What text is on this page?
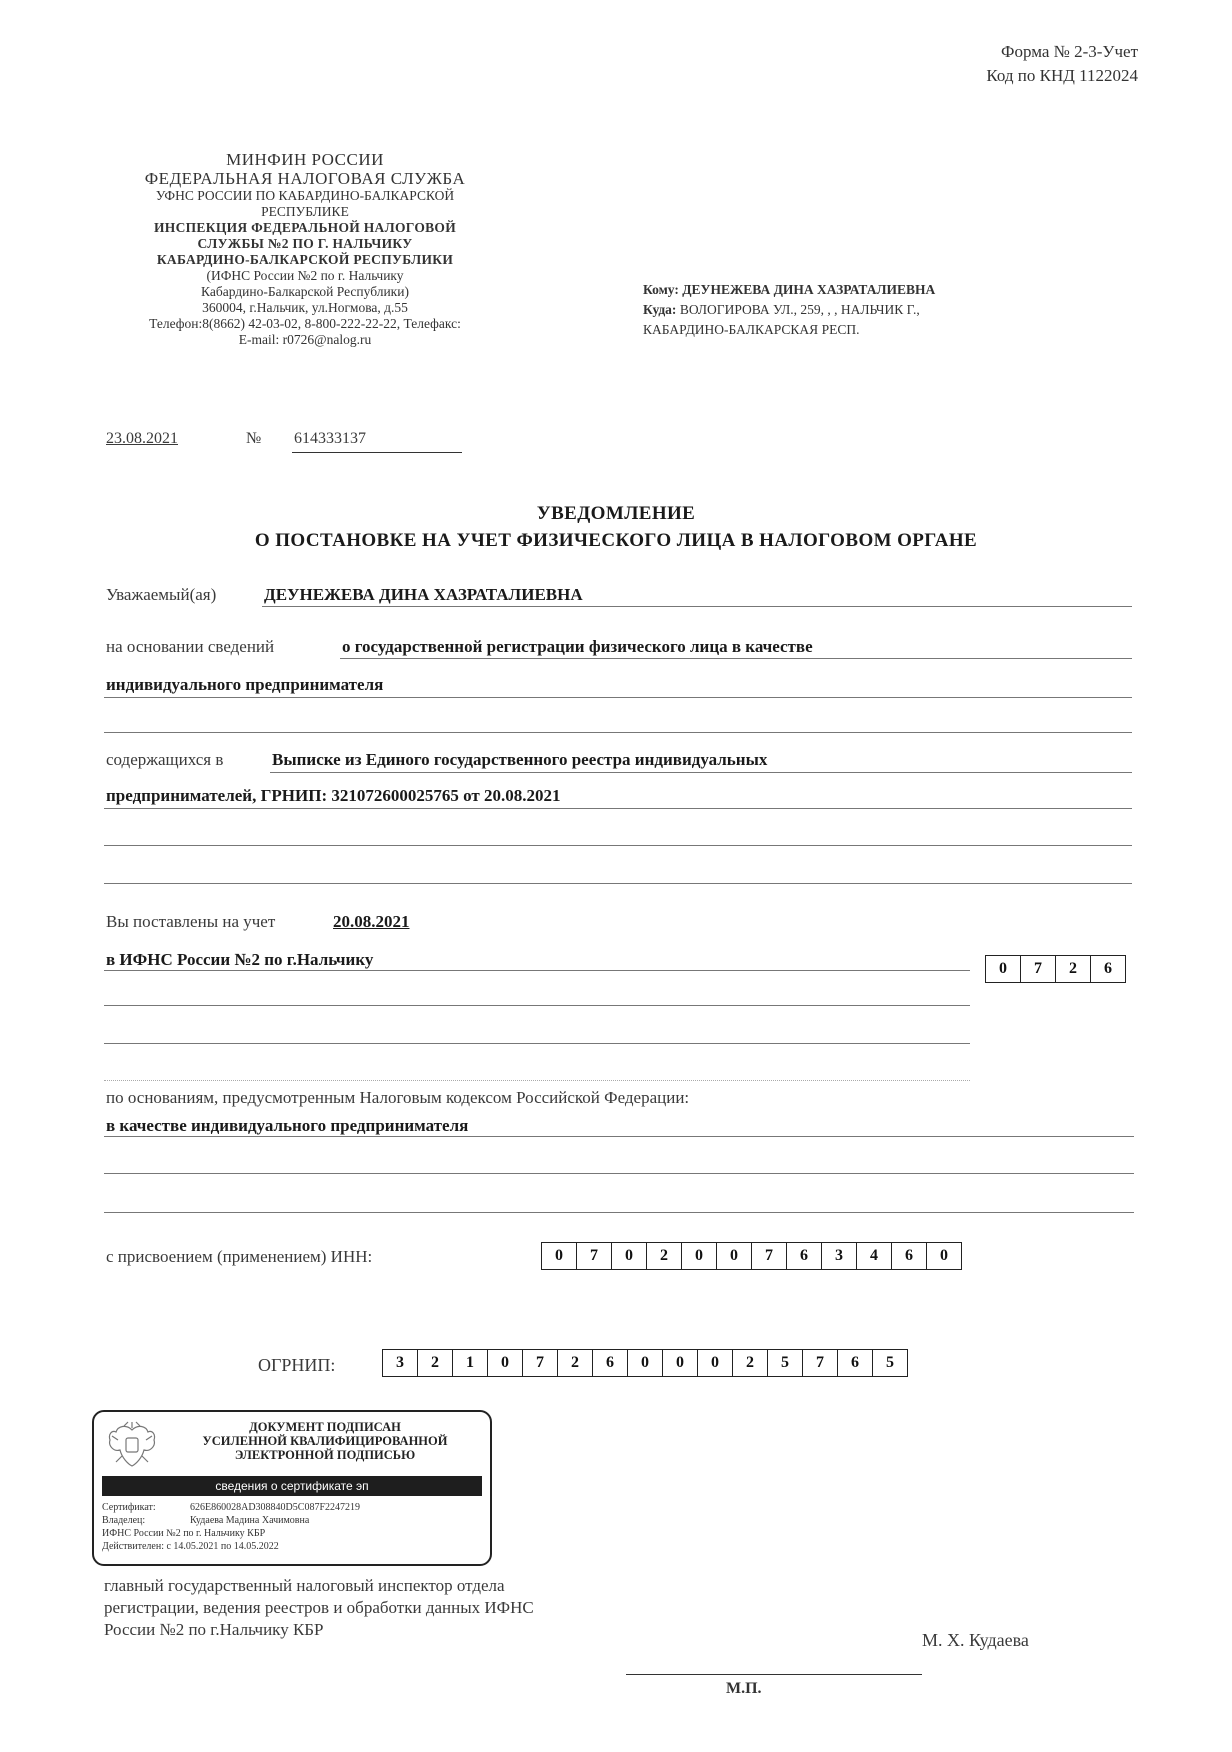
Форма № 2-3-Учет
Код по КНД 1122024
МИНФИН РОССИИ
ФЕДЕРАЛЬНАЯ НАЛОГОВАЯ СЛУЖБА
УФНС РОССИИ ПО КАБАРДИНО-БАЛКАРСКОЙ
РЕСПУБЛИКЕ
ИНСПЕКЦИЯ ФЕДЕРАЛЬНОЙ НАЛОГОВОЙ
СЛУЖБЫ №2 ПО Г. НАЛЬЧИКУ
КАБАРДИНО-БАЛКАРСКОЙ РЕСПУБЛИКИ
(ИФНС России №2 по г. Нальчику
Кабардино-Балкарской Республики)
360004, г.Нальчик, ул.Ногмова, д.55
Телефон:8(8662) 42-03-02, 8-800-222-22-22, Телефакс:
E-mail: r0726@nalog.ru
Кому: ДЕУНЕЖЕВА ДИНА ХАЗРАТАЛИЕВНА
Куда: ВОЛОГИРОВА УЛ., 259, , , НАЛЬЧИК Г.,
КАБАРДИНО-БАЛКАРСКАЯ РЕСП.
23.08.2021	№ 614333137
УВЕДОМЛЕНИЕ
О ПОСТАНОВКЕ НА УЧЕТ ФИЗИЧЕСКОГО ЛИЦА В НАЛОГОВОМ ОРГАНЕ
Уважаемый(ая)	ДЕУНЕЖЕВА ДИНА ХАЗРАТАЛИЕВНА
на основании сведений	о государственной регистрации физического лица в качестве
индивидуального предпринимателя
содержащихся в	Выписке из Единого государственного реестра индивидуальных
предпринимателей, ГРНИП: 321072600025765 от 20.08.2021
Вы поставлены на учет	20.08.2021
в ИФНС России №2 по г.Нальчику	0	7	2	6
по основаниям, предусмотренным Налоговым кодексом Российской Федерации:
в качестве индивидуального предпринимателя
с присвоением (применением) ИНН:	0	7	0	2	0	0	7	6	3	4	6	0
ОГРНИП:	3	2	1	0	7	2	6	0	0	0	2	5	7	6	5
ДОКУМЕНТ ПОДПИСАН
УСИЛЕННОЙ КВАЛИФИЦИРОВАННОЙ
ЭЛЕКТРОННОЙ ПОДПИСЬЮ
сведения о сертификате эп
Сертификат:	626E860028AD308840D5C087F2247219
Владелец:	Кудаева Мадина Хачимовна
ИФНС России №2 по г. Нальчику КБР
Действителен: с 14.05.2021 по 14.05.2022
главный государственный налоговый инспектор отдела регистрации, ведения реестров и обработки данных ИФНС России №2 по г.Нальчику КБР
М. Х. Кудаева
М.П.
